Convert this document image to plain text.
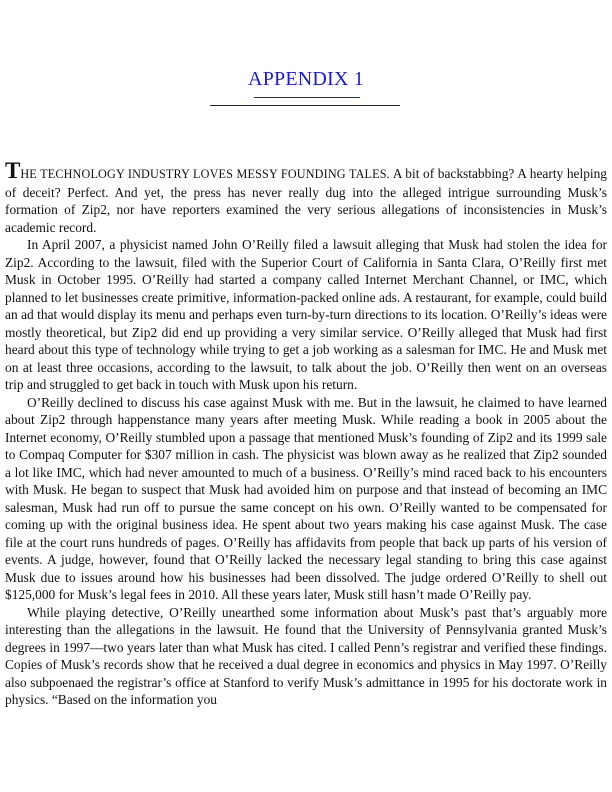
APPENDIX 1

THE TECHNOLOGY INDUSTRY LOVES MESSY FOUNDING TALES. A bit of backstabbing? A hearty helping of deceit? Perfect. And yet, the press has never really dug into the alleged intrigue surrounding Musk’s formation of Zip2, nor have reporters examined the very serious allegations of inconsistencies in Musk’s academic record.

In April 2007, a physicist named John O’Reilly filed a lawsuit alleging that Musk had stolen the idea for Zip2. According to the lawsuit, filed with the Superior Court of California in Santa Clara, O’Reilly first met Musk in October 1995. O’Reilly had started a company called Internet Merchant Channel, or IMC, which planned to let businesses create primitive, information-packed online ads. A restaurant, for example, could build an ad that would display its menu and perhaps even turn-by-turn directions to its location. O’Reilly’s ideas were mostly theoretical, but Zip2 did end up providing a very similar service. O’Reilly alleged that Musk had first heard about this type of technology while trying to get a job working as a salesman for IMC. He and Musk met on at least three occasions, according to the lawsuit, to talk about the job. O’Reilly then went on an overseas trip and struggled to get back in touch with Musk upon his return.

O’Reilly declined to discuss his case against Musk with me. But in the lawsuit, he claimed to have learned about Zip2 through happenstance many years after meeting Musk. While reading a book in 2005 about the Internet economy, O’Reilly stumbled upon a passage that mentioned Musk’s founding of Zip2 and its 1999 sale to Compaq Computer for $307 million in cash. The physicist was blown away as he realized that Zip2 sounded a lot like IMC, which had never amounted to much of a business. O’Reilly’s mind raced back to his encounters with Musk. He began to suspect that Musk had avoided him on purpose and that instead of becoming an IMC salesman, Musk had run off to pursue the same concept on his own. O’Reilly wanted to be compensated for coming up with the original business idea. He spent about two years making his case against Musk. The case file at the court runs hundreds of pages. O’Reilly has affidavits from people that back up parts of his version of events. A judge, however, found that O’Reilly lacked the necessary legal standing to bring this case against Musk due to issues around how his businesses had been dissolved. The judge ordered O’Reilly to shell out $125,000 for Musk’s legal fees in 2010. All these years later, Musk still hasn’t made O’Reilly pay.

While playing detective, O’Reilly unearthed some information about Musk’s past that’s arguably more interesting than the allegations in the lawsuit. He found that the University of Pennsylvania granted Musk’s degrees in 1997—two years later than what Musk has cited. I called Penn’s registrar and verified these findings. Copies of Musk’s records show that he received a dual degree in economics and physics in May 1997. O’Reilly also subpoenaed the registrar’s office at Stanford to verify Musk’s admittance in 1995 for his doctorate work in physics. “Based on the information you
